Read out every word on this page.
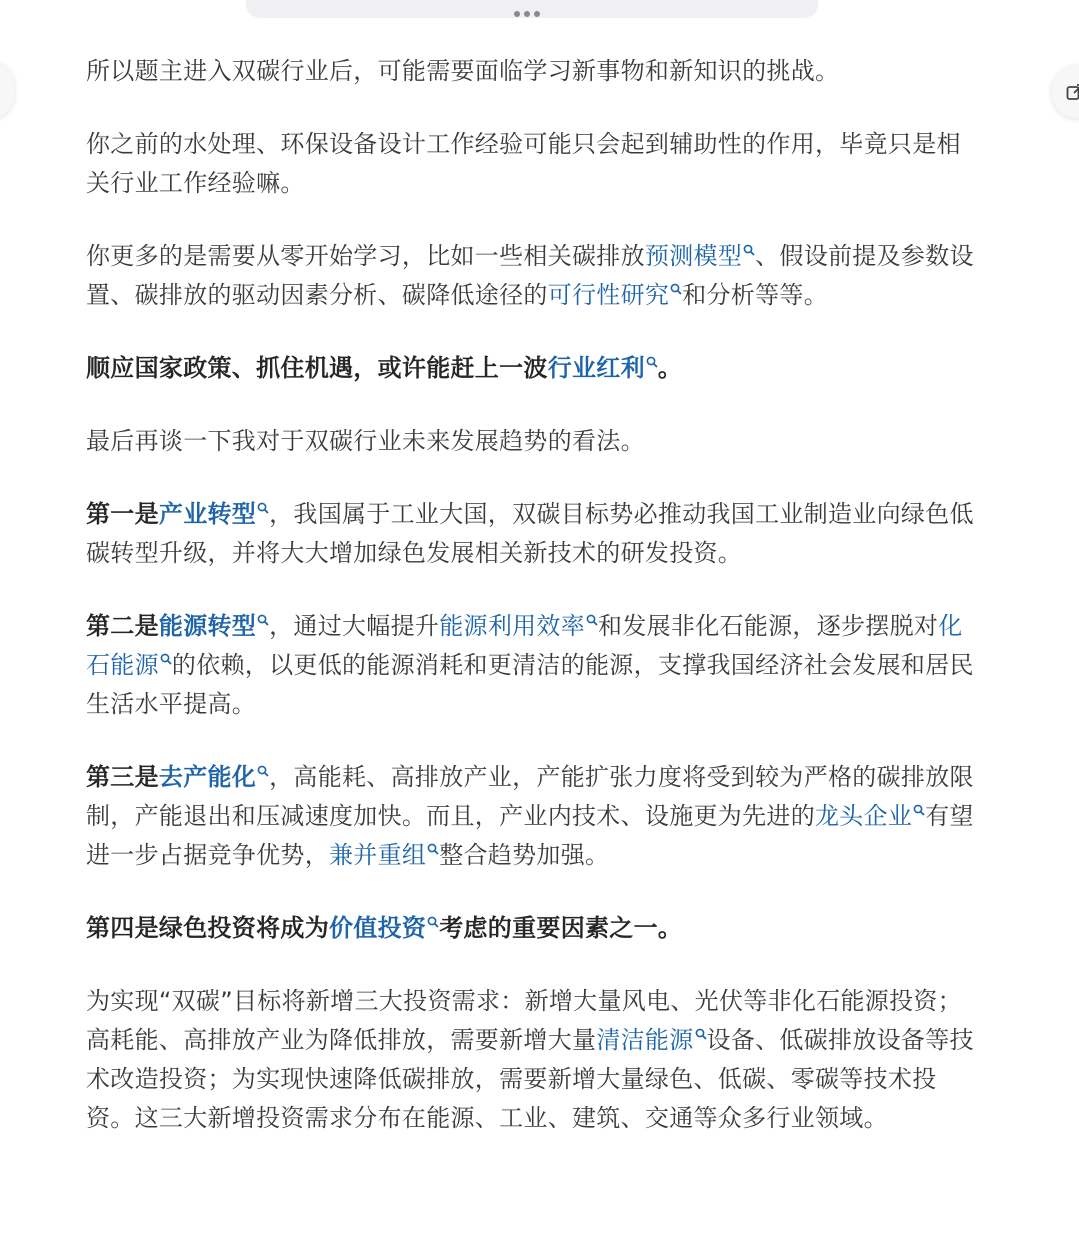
所以题主进入双碳行业后，可能需要面临学习新事物和新知识的挑战。

你之前的水处理、环保设备设计工作经验可能只会起到辅助性的作用，毕竟只是相关行业工作经验嘛。

你更多的是需要从零开始学习，比如一些相关碳排放预测模型 、假设前提及参数设置、碳排放的驱动因素分析、碳降低途径的可行性研究 和分析等等。

顺应国家政策、抓住机遇，或许能赶上一波行业红利 。

最后再谈一下我对于双碳行业未来发展趋势的看法。

第一是产业转型 ，我国属于工业大国，双碳目标势必推动我国工业制造业向绿色低碳转型升级，并将大大增加绿色发展相关新技术的研发投资。

第二是能源转型 ，通过大幅提升能源利用效率 和发展非化石能源，逐步摆脱对化石能源 的依赖，以更低的能源消耗和更清洁的能源，支撑我国经济社会发展和居民生活水平提高。

第三是去产能化 ，高能耗、高排放产业，产能扩张力度将受到较为严格的碳排放限制，产能退出和压减速度加快。而且，产业内技术、设施更为先进的龙头企业 有望进一步占据竞争优势，兼并重组 整合趋势加强。

第四是绿色投资将成为价值投资 考虑的重要因素之一。

为实现“双碳”目标将新增三大投资需求：新增大量风电、光伏等非化石能源投资；高耗能、高排放产业为降低排放，需要新增大量清洁能源 设备、低碳排放设备等技术改造投资；为实现快速降低碳排放，需要新增大量绿色、低碳、零碳等技术投资。这三大新增投资需求分布在能源、工业、建筑、交通等众多行业领域。
